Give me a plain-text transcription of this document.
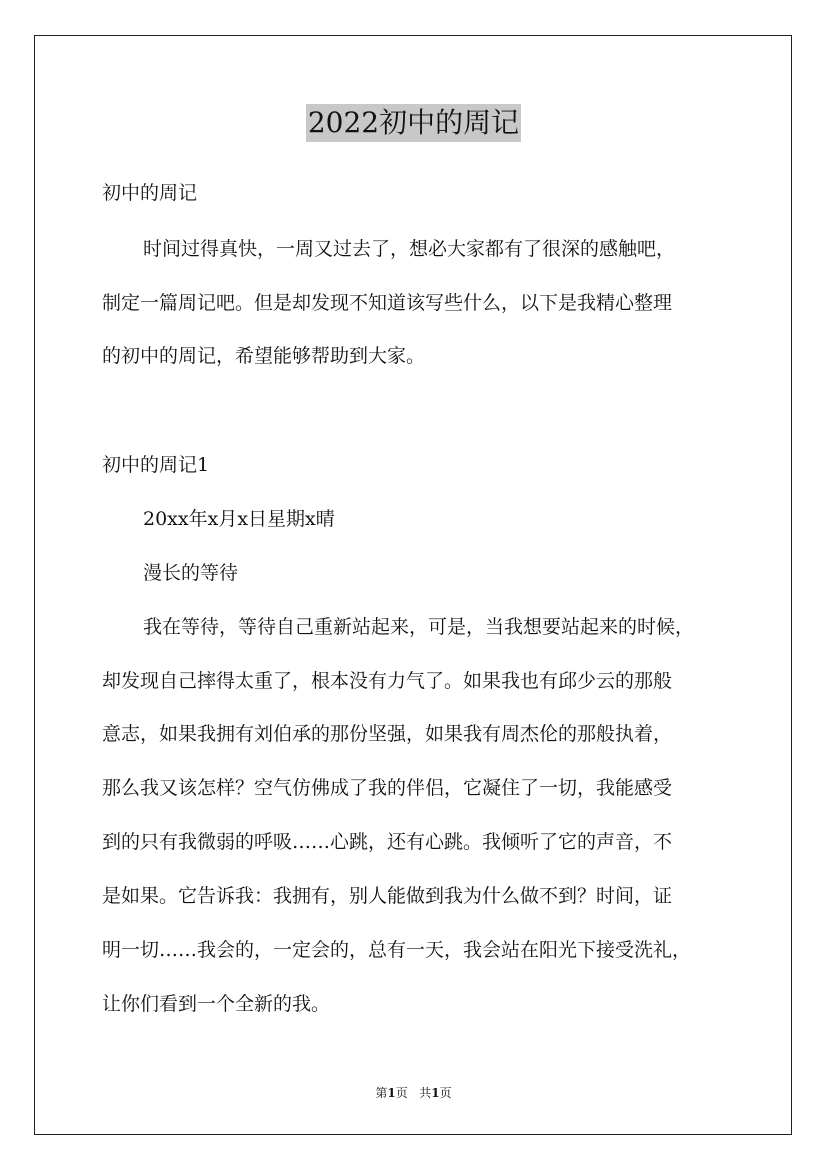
2022初中的周记
初中的周记
时间过得真快，一周又过去了，想必大家都有了很深的感触吧，
制定一篇周记吧。但是却发现不知道该写些什么，以下是我精心整理
的初中的周记，希望能够帮助到大家。
初中的周记1
20xx年x月x日星期x晴
漫长的等待
我在等待，等待自己重新站起来，可是，当我想要站起来的时候，
却发现自己摔得太重了，根本没有力气了。如果我也有邱少云的那般
意志，如果我拥有刘伯承的那份坚强，如果我有周杰伦的那般执着，
那么我又该怎样？空气仿佛成了我的伴侣，它凝住了一切，我能感受
到的只有我微弱的呼吸……心跳，还有心跳。我倾听了它的声音，不
是如果。它告诉我：我拥有，别人能做到我为什么做不到？时间，证
明一切……我会的，一定会的，总有一天，我会站在阳光下接受洗礼，
让你们看到一个全新的我。
第1页 共1页
